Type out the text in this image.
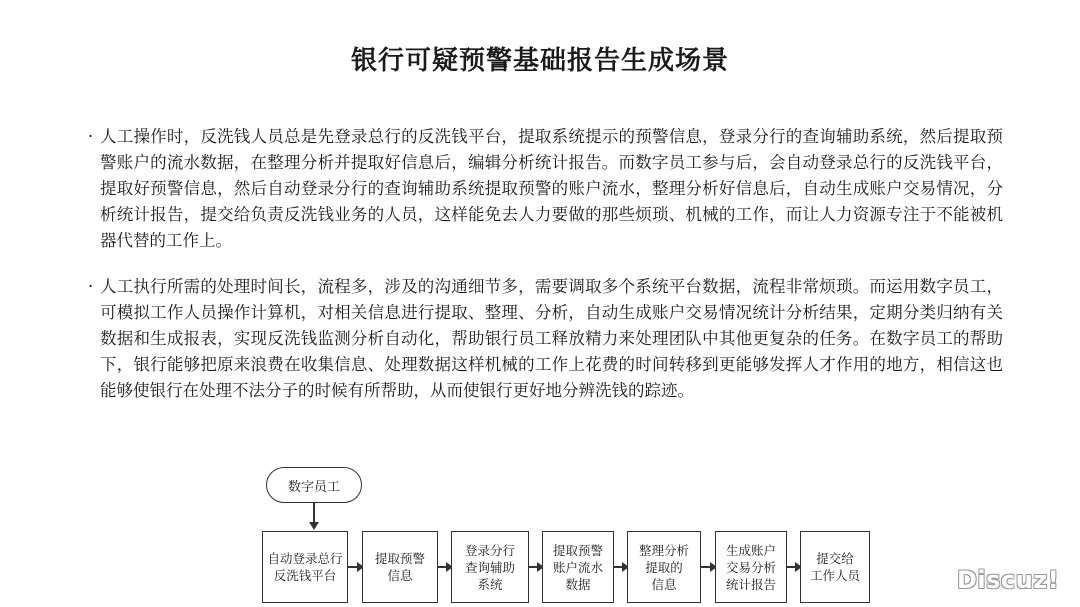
银行可疑预警基础报告生成场景
· 人工操作时，反洗钱人员总是先登录总行的反洗钱平台，提取系统提示的预警信息，登录分行的查询辅助系统，然后提取预警账户的流水数据，在整理分析并提取好信息后，编辑分析统计报告。而数字员工参与后，会自动登录总行的反洗钱平台，提取好预警信息，然后自动登录分行的查询辅助系统提取预警的账户流水，整理分析好信息后，自动生成账户交易情况，分析统计报告，提交给负责反洗钱业务的人员，这样能免去人力要做的那些烦琐、机械的工作，而让人力资源专注于不能被机器代替的工作上。
· 人工执行所需的处理时间长，流程多，涉及的沟通细节多，需要调取多个系统平台数据，流程非常烦琐。而运用数字员工，可模拟工作人员操作计算机，对相关信息进行提取、整理、分析，自动生成账户交易情况统计分析结果，定期分类归纳有关数据和生成报表，实现反洗钱监测分析自动化，帮助银行员工释放精力来处理团队中其他更复杂的任务。在数字员工的帮助下，银行能够把原来浪费在收集信息、处理数据这样机械的工作上花费的时间转移到更能够发挥人才作用的地方，相信这也能够使银行在处理不法分子的时候有所帮助，从而使银行更好地分辨洗钱的踪迹。
数字员工
自动登录总行
反洗钱平台
提取预警
信息
登录分行
查询辅助
系统
提取预警
账户流水
数据
整理分析
提取的
信息
生成账户
交易分析
统计报告
提交给
工作人员	Discuz!
